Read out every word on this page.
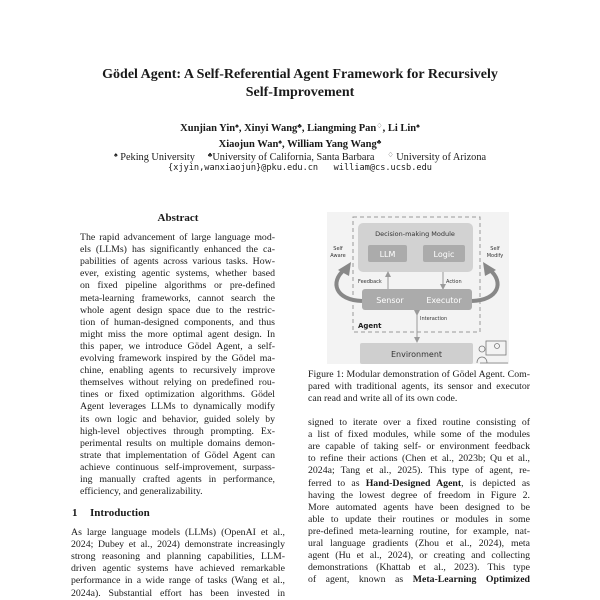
Gödel Agent: A Self-Referential Agent Framework for Recursively
Self-Improvement
Xunjian Yin♠, Xinyi Wang♣, Liangming Pan♢, Li Lin♠
Xiaojun Wan♠, William Yang Wang♣
♠ Peking University ♣University of California, Santa Barbara ♢ University of Arizona
{xjyin,wanxiaojun}@pku.edu.cn william@cs.ucsb.edu
Abstract
The rapid advancement of large language mod-
els (LLMs) has significantly enhanced the ca-
pabilities of agents across various tasks. How-
ever, existing agentic systems, whether based
on fixed pipeline algorithms or pre-defined
meta-learning frameworks, cannot search the
whole agent design space due to the restric-
tion of human-designed components, and thus
might miss the more optimal agent design. In
this paper, we introduce Gödel Agent, a self-
evolving framework inspired by the Gödel ma-
chine, enabling agents to recursively improve
themselves without relying on predefined rou-
tines or fixed optimization algorithms. Gödel
Agent leverages LLMs to dynamically modify
its own logic and behavior, guided solely by
high-level objectives through prompting. Ex-
perimental results on multiple domains demon-
strate that implementation of Gödel Agent can
achieve continuous self-improvement, surpass-
ing manually crafted agents in performance,
efficiency, and generalizability.
1 Introduction
As large language models (LLMs) (OpenAI et al.,
2024; Dubey et al., 2024) demonstrate increasingly
strong reasoning and planning capabilities, LLM-
driven agentic systems have achieved remarkable
performance in a wide range of tasks (Wang et al.,
2024a). Substantial effort has been invested in
Decision-making Module
LLM	Logic
Feedback	Action
Sensor	Executor
Agent
Interaction
Environment
Self
Aware
Self
Modify
Figure 1: Modular demonstration of Gödel Agent. Com-
pared with traditional agents, its sensor and executor
can read and write all of its own code.
signed to iterate over a fixed routine consisting of
a list of fixed modules, while some of the modules
are capable of taking self- or environment feedback
to refine their actions (Chen et al., 2023b; Qu et al.,
2024a; Tang et al., 2025). This type of agent, re-
ferred to as Hand-Designed Agent, is depicted as
having the lowest degree of freedom in Figure 2.
More automated agents have been designed to be
able to update their routines or modules in some
pre-defined meta-learning routine, for example, nat-
ural language gradients (Zhou et al., 2024), meta
agent (Hu et al., 2024), or creating and collecting
demonstrations (Khattab et al., 2023). This type
of agent, known as Meta-Learning Optimized
